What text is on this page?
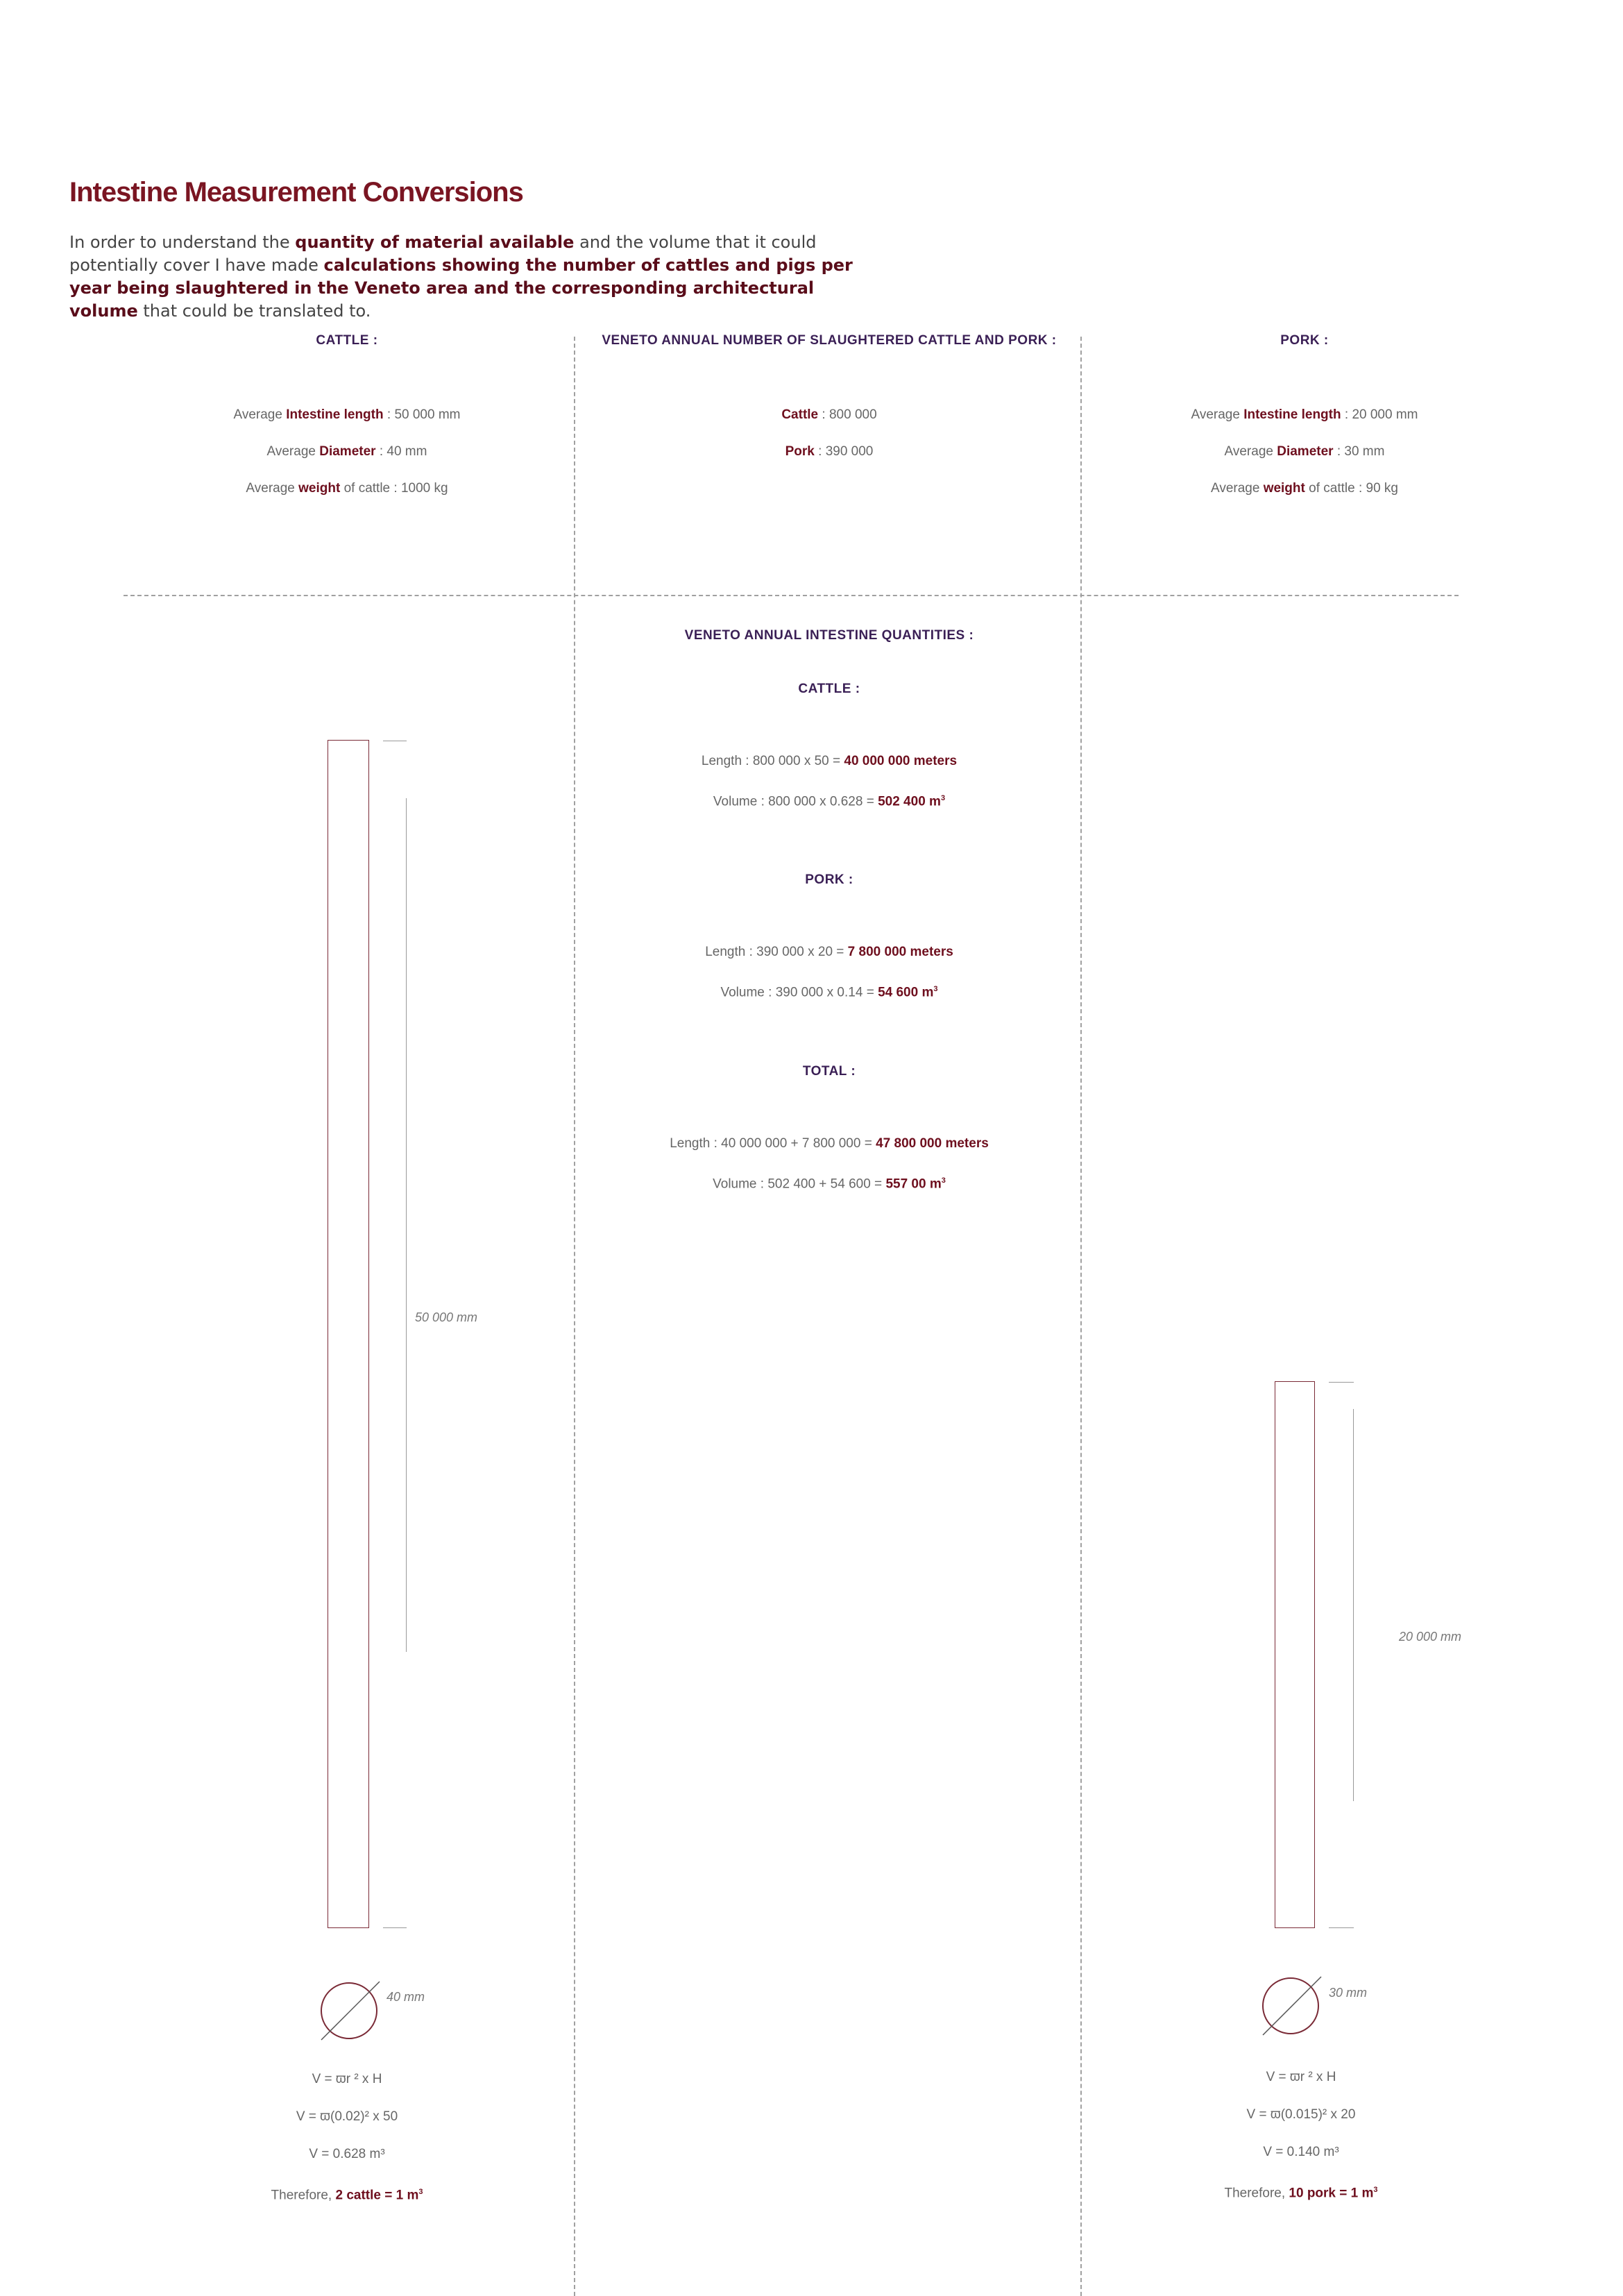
Intestine Measurement Conversions
In order to understand the quantity of material available and the volume that it could potentially cover I have made calculations showing the number of cattles and pigs per year being slaughtered in the Veneto area and the corresponding architectural volume that could be translated to.
CATTLE :
Average Intestine length : 50 000 mm
Average Diameter : 40 mm
Average weight of cattle : 1000 kg
VENETO ANNUAL NUMBER OF SLAUGHTERED CATTLE AND PORK :
Cattle : 800 000
Pork : 390 000
PORK :
Average Intestine length : 20 000 mm
Average Diameter : 30 mm
Average weight of cattle : 90 kg
VENETO ANNUAL INTESTINE QUANTITIES :
CATTLE :
Length : 800 000 x 50 = 40 000 000 meters
Volume : 800 000 x 0.628 = 502 400 $m^3$
PORK :
Length : 390 000 x 20 = 7 800 000 meters
Volume : 390 000 x 0.14 = 54 600 $m^3$
TOTAL :
Length : 40 000 000 + 7 800 000 = 47 800 000 meters
Volume : 502 400 + 54 600 = 557 00 $m^3$
50 000 mm
40 mm
V = ϖr ² x H
V = ϖ(0.02)² x 50
V = 0.628 m³
Therefore, 2 cattle = 1 $m^3$
20 000 mm
30 mm
V = ϖr ² x H
V = ϖ(0.015)² x 20
V = 0.140 m³
Therefore, 10 pork = 1 $m^3$
